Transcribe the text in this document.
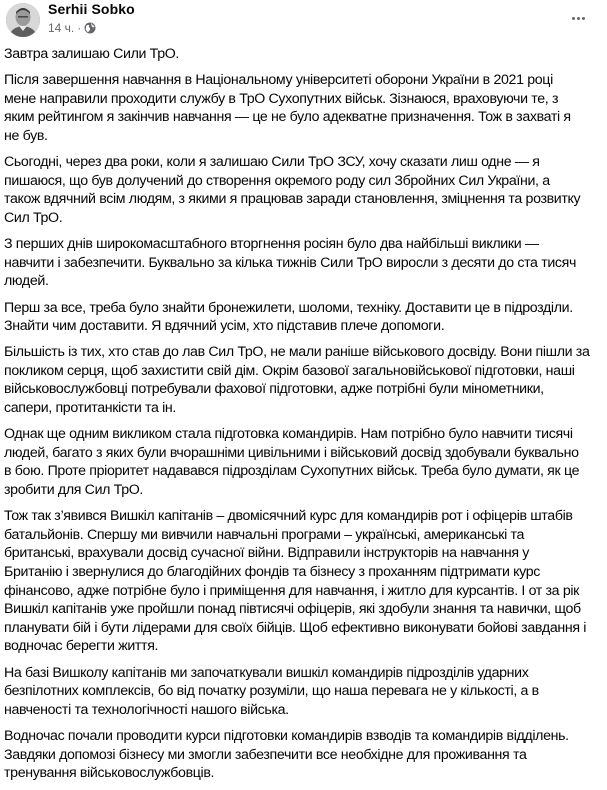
Serhii Sobko
14 ч. ·

Завтра залишаю Сили ТрО.

Після завершення навчання в Національному університеті оборони України в 2021 році
мене направили проходити службу в ТрО Сухопутних військ. Зізнаюся, враховуючи те, з
яким рейтингом я закінчив навчання — це не було адекватне призначення. Тож в захваті я
не був.

Сьогодні, через два роки, коли я залишаю Сили ТрО ЗСУ, хочу сказати лиш одне — я
пишаюся, що був долучений до створення окремого роду сил Збройних Сил України, а
також вдячний всім людям, з якими я працював заради становлення, зміцнення та розвитку
Сил ТрО.

З перших днів широкомасштабного вторгнення росіян було два найбільші виклики —
навчити і забезпечити. Буквально за кілька тижнів Сили ТрО виросли з десяти до ста тисяч
людей.

Перш за все, треба було знайти бронежилети, шоломи, техніку. Доставити це в підрозділи.
Знайти чим доставити. Я вдячний усім, хто підставив плече допомоги.

Більшість із тих, хто став до лав Сил ТрО, не мали раніше військового досвіду. Вони пішли за
покликом серця, щоб захистити свій дім. Окрім базової загальновійськової підготовки, наші
військовослужбовці потребували фахової підготовки, адже потрібні були мінометники,
сапери, протитанкісти та ін.

Однак ще одним викликом стала підготовка командирів. Нам потрібно було навчити тисячі
людей, багато з яких були вчорашніми цивільними і військовий досвід здобували буквально
в бою. Проте пріоритет надавався підрозділам Сухопутних військ. Треба було думати, як це
зробити для Сил ТрО.

Тож так з’явився Вишкіл капітанів – двомісячний курс для командирів рот і офіцерів штабів
батальйонів. Спершу ми вивчили навчальні програми – українські, американські та
британські, врахували досвід сучасної війни. Відправили інструкторів на навчання у
Британію і звернулися до благодійних фондів та бізнесу з проханням підтримати курс
фінансово, адже потрібне було і приміщення для навчання, і житло для курсантів. І от за рік
Вишкіл капітанів уже пройшли понад півтисячі офіцерів, які здобули знання та навички, щоб
планувати бій і бути лідерами для своїх бійців. Щоб ефективно виконувати бойові завдання і
водночас берегти життя.

На базі Вишколу капітанів ми започаткували вишкіл командирів підрозділів ударних
безпілотних комплексів, бо від початку розуміли, що наша перевага не у кількості, а в
навченості та технологічності нашого війська.

Водночас почали проводити курси підготовки командирів взводів та командирів відділень.
Завдяки допомозі бізнесу ми змогли забезпечити все необхідне для проживання та
тренування військовослужбовців.
